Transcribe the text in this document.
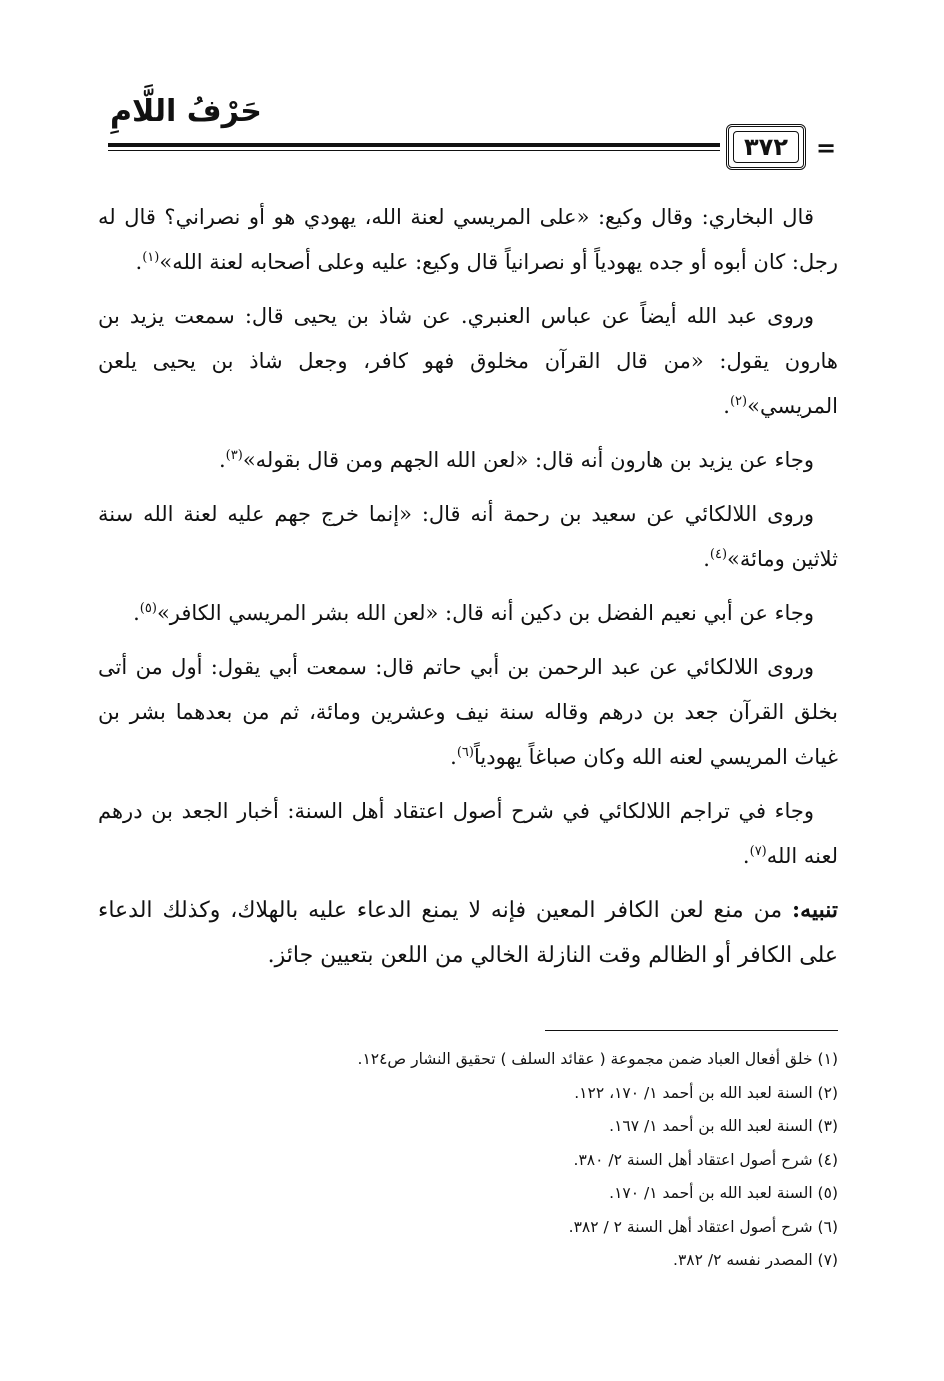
حَرْفُ اللَّامِ
٣٧٢ =

قال البخاري: وقال وكيع: «على المريسي لعنة الله، يهودي هو أو نصراني؟ قال له رجل: كان أبوه أو جده يهودياً أو نصرانياً قال وكيع: عليه وعلى أصحابه لعنة الله»$^{(١)}$.

وروى عبد الله أيضاً عن عباس العنبري. عن شاذ بن يحيى قال: سمعت يزيد بن هارون يقول: «من قال القرآن مخلوق فهو كافر، وجعل شاذ بن يحيى يلعن المريسي»$^{(٢)}$.

وجاء عن يزيد بن هارون أنه قال: «لعن الله الجهم ومن قال بقوله»$^{(٣)}$.

وروى اللالكائي عن سعيد بن رحمة أنه قال: «إنما خرج جهم عليه لعنة الله سنة ثلاثين ومائة»$^{(٤)}$.

وجاء عن أبي نعيم الفضل بن دكين أنه قال: «لعن الله بشر المريسي الكافر»$^{(٥)}$.

وروى اللالكائي عن عبد الرحمن بن أبي حاتم قال: سمعت أبي يقول: أول من أتى بخلق القرآن جعد بن درهم وقاله سنة نيف وعشرين ومائة، ثم من بعدهما بشر بن غياث المريسي لعنه الله وكان صباغاً يهودياً$^{(٦)}$.

وجاء في تراجم اللالكائي في شرح أصول اعتقاد أهل السنة: أخبار الجعد بن درهم لعنه الله$^{(٧)}$.

تنبيه: من منع لعن الكافر المعين فإنه لا يمنع الدعاء عليه بالهلاك، وكذلك الدعاء على الكافر أو الظالم وقت النازلة الخالي من اللعن بتعيين جائز.

(١) خلق أفعال العباد ضمن مجموعة ( عقائد السلف ) تحقيق النشار ص١٢٤.
(٢) السنة لعبد الله بن أحمد ١/ ١٧٠، ١٢٢.
(٣) السنة لعبد الله بن أحمد ١/ ١٦٧.
(٤) شرح أصول اعتقاد أهل السنة ٢/ ٣٨٠.
(٥) السنة لعبد الله بن أحمد ١/ ١٧٠.
(٦) شرح أصول اعتقاد أهل السنة ٢ / ٣٨٢.
(٧) المصدر نفسه ٢/ ٣٨٢.
